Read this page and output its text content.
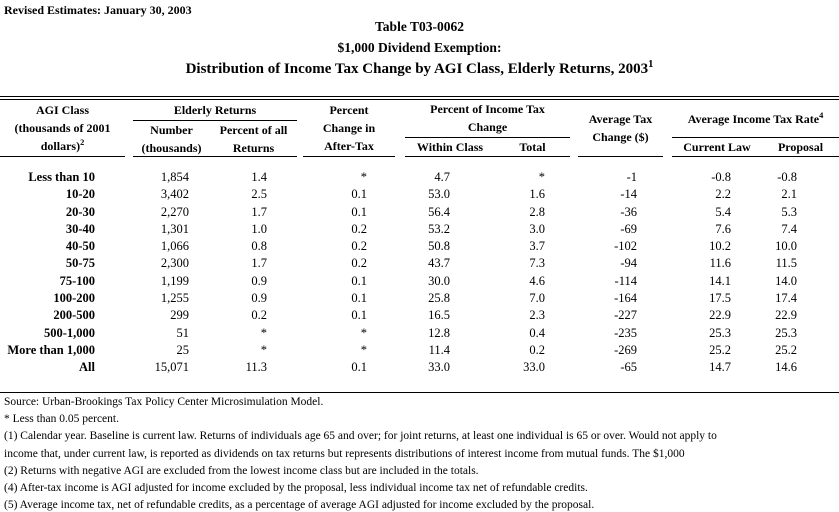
Revised Estimates: January 30, 2003
Table T03-0062
$1,000 Dividend Exemption:
Distribution of Income Tax Change by AGI Class, Elderly Returns, 2003$^1$
AGI Class
(thousands of 2001
dollars)$^2$
Elderly Returns
Number
(thousands)
Percent of all
Returns
Percent
Change in
After-Tax
Percent of Income Tax
Change
Within Class	Total
Average Tax
Change ($)
Average Income Tax Rate$^4$
Current Law	Proposal
Less than 10	1,854	1.4	*	4.7	*	-1	-0.8	-0.8
10-20	3,402	2.5	0.1	53.0	1.6	-14	2.2	2.1
20-30	2,270	1.7	0.1	56.4	2.8	-36	5.4	5.3
30-40	1,301	1.0	0.2	53.2	3.0	-69	7.6	7.4
40-50	1,066	0.8	0.2	50.8	3.7	-102	10.2	10.0
50-75	2,300	1.7	0.2	43.7	7.3	-94	11.6	11.5
75-100	1,199	0.9	0.1	30.0	4.6	-114	14.1	14.0
100-200	1,255	0.9	0.1	25.8	7.0	-164	17.5	17.4
200-500	299	0.2	0.1	16.5	2.3	-227	22.9	22.9
500-1,000	51	*	*	12.8	0.4	-235	25.3	25.3
More than 1,000	25	*	*	11.4	0.2	-269	25.2	25.2
All	15,071	11.3	0.1	33.0	33.0	-65	14.7	14.6
Source: Urban-Brookings Tax Policy Center Microsimulation Model.
* Less than 0.05 percent.
(1) Calendar year. Baseline is current law. Returns of individuals age 65 and over; for joint returns, at least one individual is 65 or over. Would not apply to
income that, under current law, is reported as dividends on tax returns but represents distributions of interest income from mutual funds. The $1,000
(2) Returns with negative AGI are excluded from the lowest income class but are included in the totals.
(4) After-tax income is AGI adjusted for income excluded by the proposal, less individual income tax net of refundable credits.
(5) Average income tax, net of refundable credits, as a percentage of average AGI adjusted for income excluded by the proposal.
